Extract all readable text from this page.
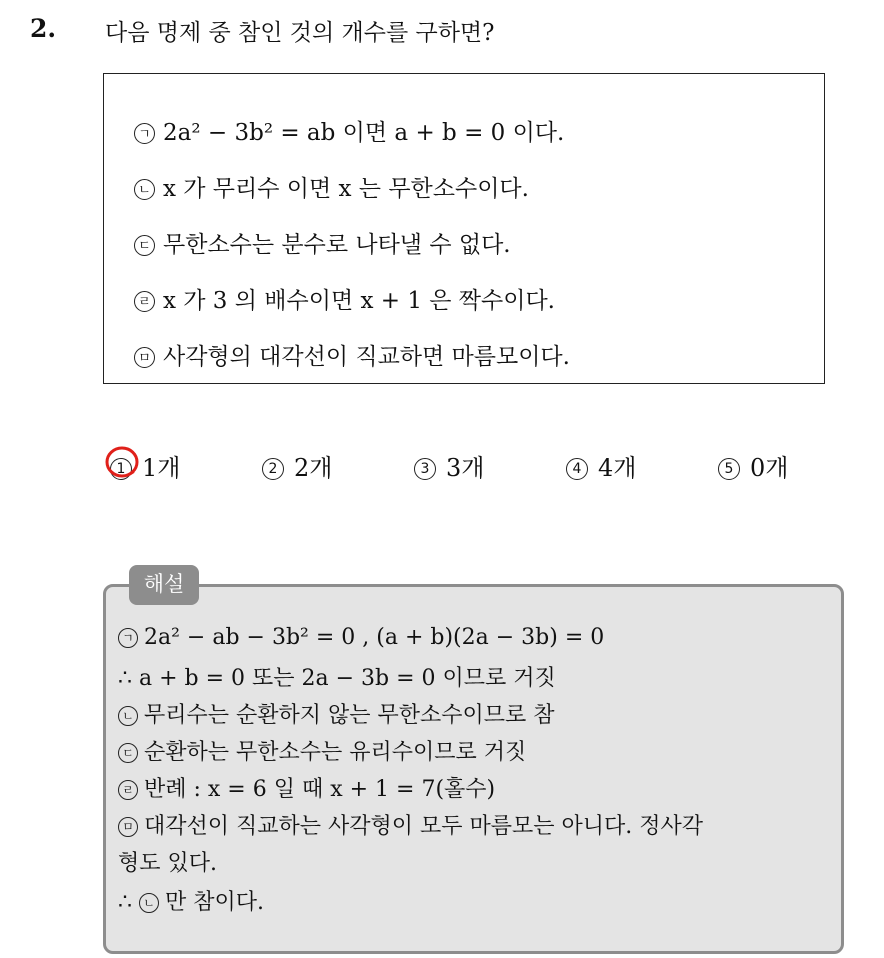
2. 다음 명제 중 참인 것의 개수를 구하면?
ㄱ 2a² − 3b² = ab 이면 a + b = 0 이다.
ㄴ x 가 무리수 이면 x 는 무한소수이다.
ㄷ 무한소수는 분수로 나타낼 수 없다.
ㄹ x 가 3 의 배수이면 x + 1 은 짝수이다.
ㅁ 사각형의 대각선이 직교하면 마름모이다.
1 1개	2 2개	3 3개	4 4개	5 0개
해설
ㄱ 2a² − ab − 3b² = 0 , (a + b)(2a − 3b) = 0
∴ a + b = 0 또는 2a − 3b = 0 이므로 거짓
ㄴ 무리수는 순환하지 않는 무한소수이므로 참
ㄷ 순환하는 무한소수는 유리수이므로 거짓
ㄹ 반례 : x = 6 일 때 x + 1 = 7(홀수)
ㅁ 대각선이 직교하는 사각형이 모두 마름모는 아니다. 정사각
형도 있다.
∴ ㄴ 만 참이다.
